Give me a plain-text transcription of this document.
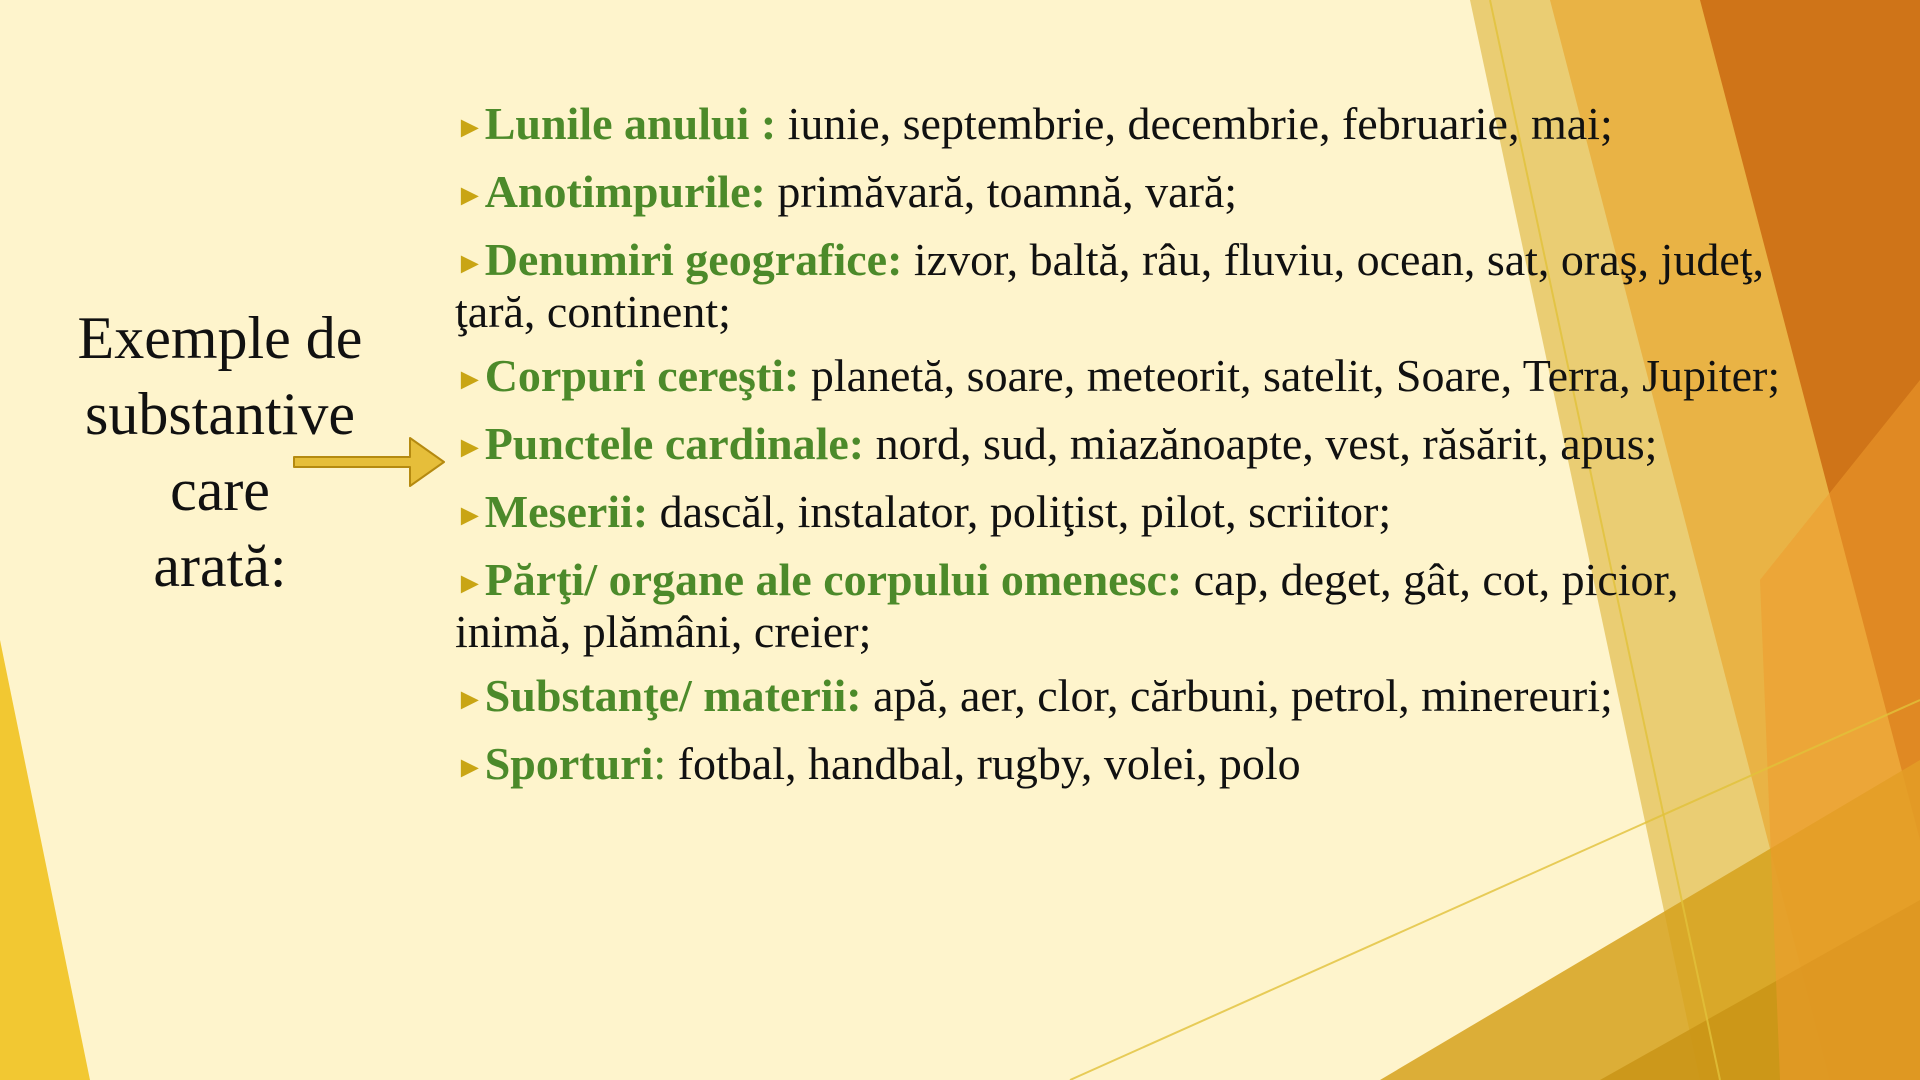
Exemple de
substantive
care
arată:
►Lunile anului : iunie, septembrie, decembrie, februarie, mai;
►Anotimpurile: primăvară, toamnă, vară;
►Denumiri geografice: izvor, baltă, râu, fluviu, ocean, sat, oraş, judeţ, ţară, continent;
►Corpuri cereşti: planetă, soare, meteorit, satelit, Soare, Terra, Jupiter;
►Punctele cardinale: nord, sud, miazănoapte, vest, răsărit, apus;
►Meserii: dascăl, instalator, poliţist, pilot, scriitor;
►Părţi/ organe ale corpului omenesc: cap, deget, gât, cot, picior, inimă, plămâni, creier;
►Substanţe/ materii: apă, aer, clor, cărbuni, petrol, minereuri;
►Sporturi: fotbal, handbal, rugby, volei, polo
